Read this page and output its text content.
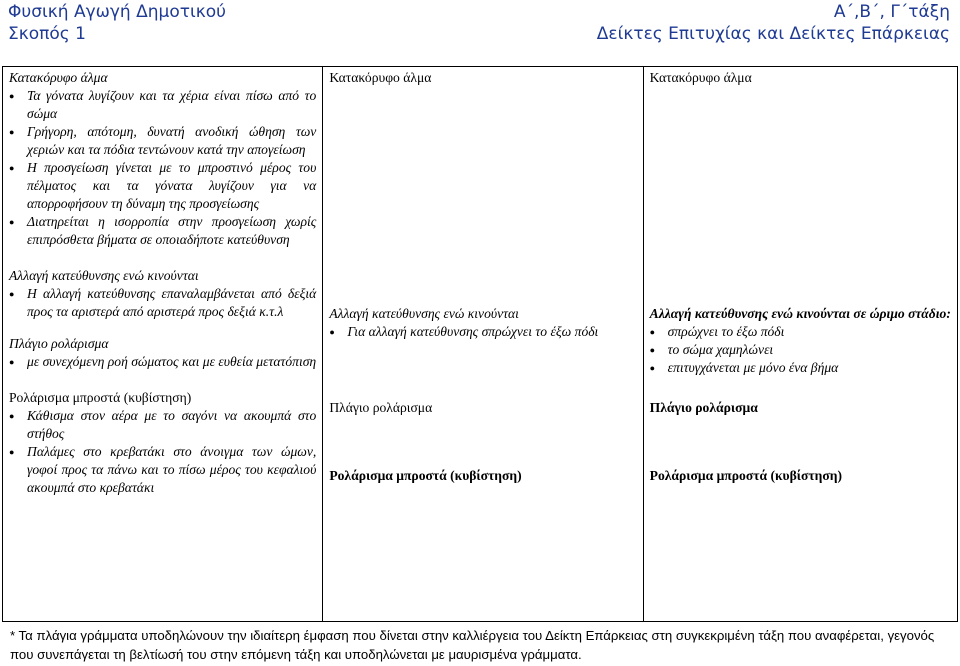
Φυσική Αγωγή Δημοτικού
Σκοπός 1
Α΄,Β΄, Γ΄τάξη
Δείκτες Επιτυχίας και Δείκτες Επάρκειας
Κατακόρυφο άλμα
● Τα γόνατα λυγίζουν και τα χέρια είναι πίσω από το σώμα
● Γρήγορη, απότομη, δυνατή ανοδική ώθηση των χεριών και τα πόδια τεντώνουν κατά την απογείωση
● Η προσγείωση γίνεται με το μπροστινό μέρος του πέλματος και τα γόνατα λυγίζουν για να απορροφήσουν τη δύναμη της προσγείωσης
● Διατηρείται η ισορροπία στην προσγείωση χωρίς επιπρόσθετα βήματα σε οποιαδήποτε κατεύθυνση
Αλλαγή κατεύθυνσης ενώ κινούνται
● Η αλλαγή κατεύθυνσης επαναλαμβάνεται από δεξιά προς τα αριστερά από αριστερά προς δεξιά κ.τ.λ
Πλάγιο ρολάρισμα
● με συνεχόμενη ροή σώματος και με ευθεία μετατόπιση
Ρολάρισμα μπροστά (κυβίστηση)
● Κάθισμα στον αέρα με το σαγόνι να ακουμπά στο στήθος
● Παλάμες στο κρεβατάκι στο άνοιγμα των ώμων, γοφοί προς τα πάνω και το πίσω μέρος του κεφαλιού ακουμπά στο κρεβατάκι

Κατακόρυφο άλμα
Αλλαγή κατεύθυνσης ενώ κινούνται
● Για αλλαγή κατεύθυνσης σπρώχνει το έξω πόδι
Πλάγιο ρολάρισμα
Ρολάρισμα μπροστά (κυβίστηση)

Κατακόρυφο άλμα
Αλλαγή κατεύθυνσης ενώ κινούνται σε ώριμο στάδιο:
● σπρώχνει το έξω πόδι
● το σώμα χαμηλώνει
● επιτυγχάνεται με μόνο ένα βήμα
Πλάγιο ρολάρισμα
Ρολάρισμα μπροστά (κυβίστηση)
* Τα πλάγια γράμματα υποδηλώνουν την ιδιαίτερη έμφαση που δίνεται στην καλλιέργεια του Δείκτη Επάρκειας στη συγκεκριμένη τάξη που αναφέρεται, γεγονός που συνεπάγεται τη βελτίωσή του στην επόμενη τάξη και υποδηλώνεται με μαυρισμένα γράμματα.
